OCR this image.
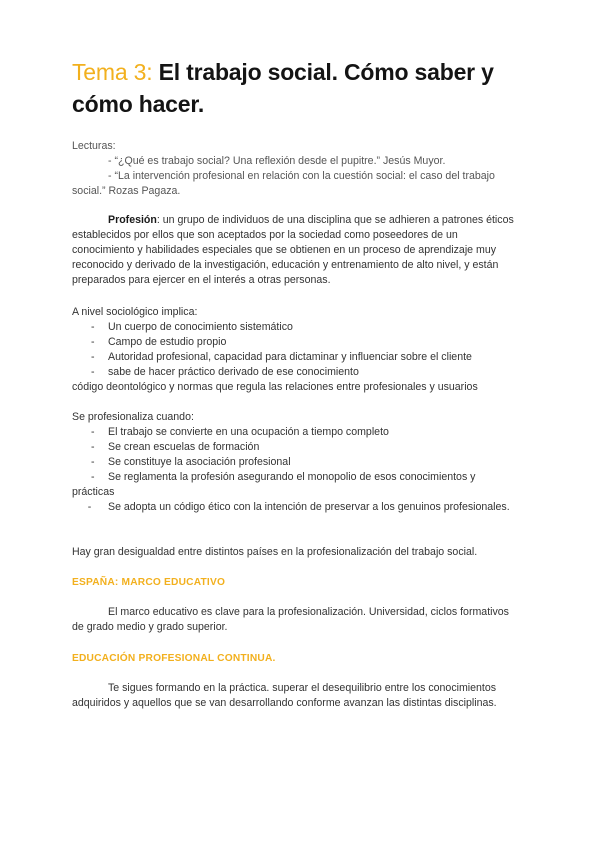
Tema 3: El trabajo social. Cómo saber y cómo hacer.
Lecturas:
- “¿Qué es trabajo social? Una reflexión desde el pupitre.” Jesús Muyor.
- “La intervención profesional en relación con la cuestión social: el caso del trabajo
social.” Rozas Pagaza.
Profesión: un grupo de individuos de una disciplina que se adhieren a patrones éticos establecidos por ellos que son aceptados por la sociedad como poseedores de un conocimiento y habilidades especiales que se obtienen en un proceso de aprendizaje muy reconocido y derivado de la investigación, educación y entrenamiento de alto nivel, y están preparados para ejercer en el interés a otras personas.
A nivel sociológico implica:
- Un cuerpo de conocimiento sistemático
- Campo de estudio propio
- Autoridad profesional, capacidad para dictaminar y influenciar sobre el cliente
- sabe de hacer práctico derivado de ese conocimiento
código deontológico y normas que regula las relaciones entre profesionales y usuarios
Se profesionaliza cuando:
- El trabajo se convierte en una ocupación a tiempo completo
- Se crean escuelas de formación
- Se constituye la asociación profesional
- Se reglamenta la profesión asegurando el monopolio de esos conocimientos y prácticas
- Se adopta un código ético con la intención de preservar a los genuinos profesionales.
Hay gran desigualdad entre distintos países en la profesionalización del trabajo social.
ESPAÑA: MARCO EDUCATIVO
El marco educativo es clave para la profesionalización. Universidad, ciclos formativos de grado medio y grado superior.
EDUCACIÓN PROFESIONAL CONTINUA.
Te sigues formando en la práctica. superar el desequilibrio entre los conocimientos adquiridos y aquellos que se van desarrollando conforme avanzan las distintas disciplinas.
